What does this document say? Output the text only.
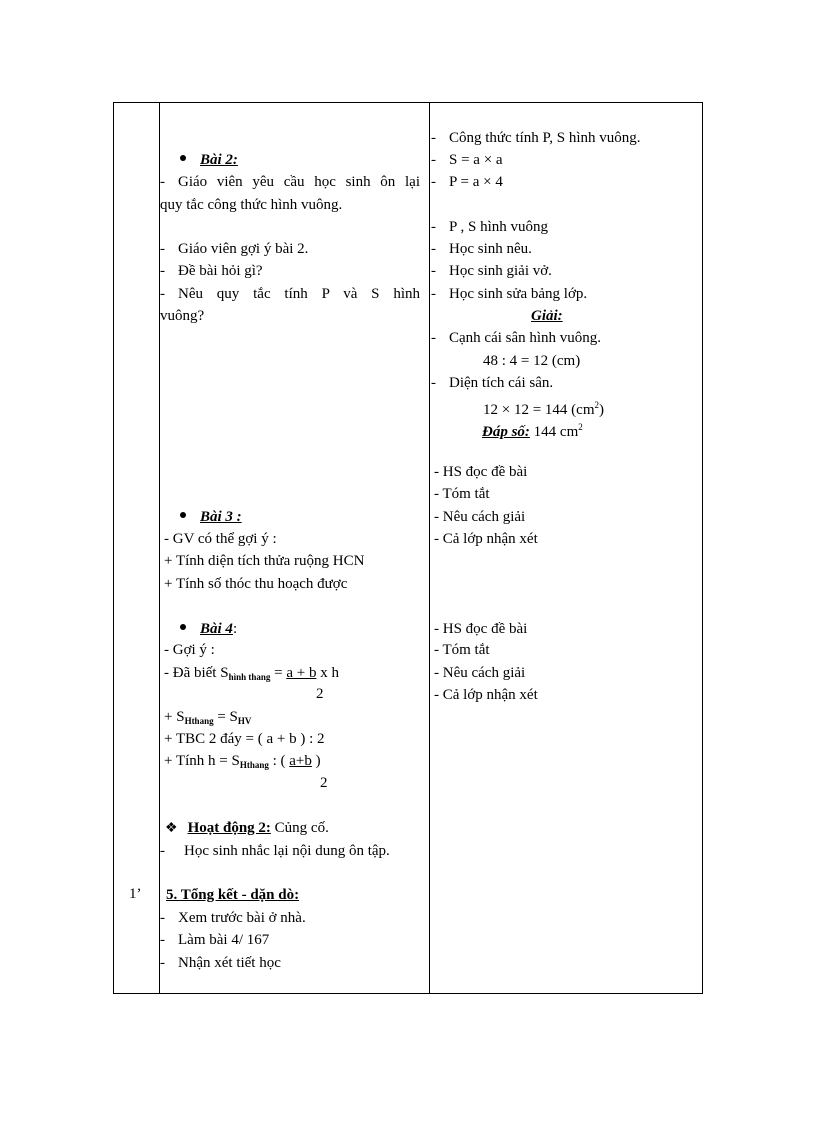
1’
Bài 2:
- Giáo viên yêu cầu học sinh ôn lại
quy tắc công thức hình vuông.
- Giáo viên gợi ý bài 2.
- Đề bài hỏi gì?
- Nêu quy tắc tính P và S hình
vuông?
Bài 3 :
- GV có thể gợi ý :
+ Tính diện tích thửa ruộng HCN
+ Tính số thóc thu hoạch được
Bài 4:
- Gợi ý :
- Đã biết $S_{hình thang} = a + b$ x h
2
+ $S_{Hthang} = S_{HV}$
+ TBC 2 đáy = ( a + b ) : 2
+ Tính $h = S_{Hthang}$ : ( a+b )
2
❖ Hoạt động 2: Củng cố.
- Học sinh nhắc lại nội dung ôn tập.
5. Tổng kết - dặn dò:
- Xem trước bài ở nhà.
- Làm bài 4/ 167
- Nhận xét tiết học
- Công thức tính P, S hình vuông.
- S = a × a
- P = a × 4
- P , S hình vuông
- Học sinh nêu.
- Học sinh giải vở.
- Học sinh sửa bảng lớp.
Giải:
- Cạnh cái sân hình vuông.
48 : 4 = 12 (cm)
- Diện tích cái sân.
12 × 12 = 144 $(cm^2)$
Đáp số: 144 $cm^2$
- HS đọc đề bài
- Tóm tắt
- Nêu cách giải
- Cả lớp nhận xét
- HS đọc đề bài
- Tóm tắt
- Nêu cách giải
- Cả lớp nhận xét
